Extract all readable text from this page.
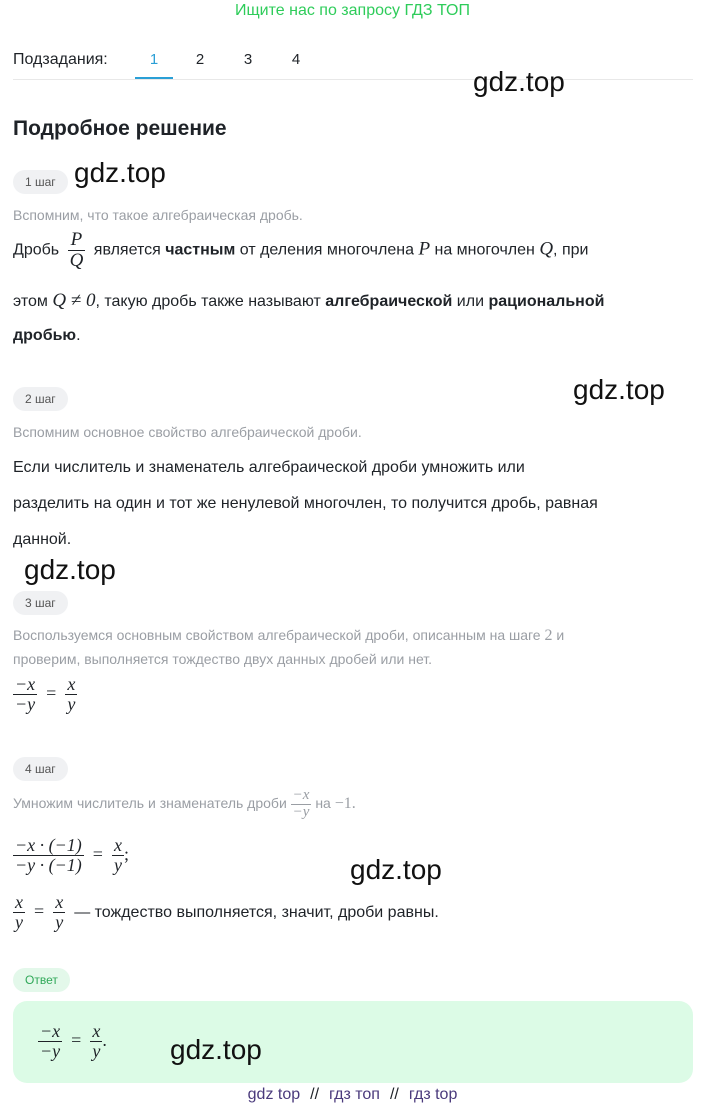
Ищите нас по запросу ГДЗ ТОП
Подзадания:	1	2	3	4
gdz.top
gdz.top
gdz.top
gdz.top
gdz.top
Подробное решение
1 шаг
Вспомним, что такое алгебраическая дробь.
Дробь $\frac{P}{Q}$ является частным от деления многочлена P на многочлен Q, при
этом Q ≠ 0, такую дробь также называют алгебраической или рациональной
дробью.
2 шаг
Вспомним основное свойство алгебраической дроби.
Если числитель и знаменатель алгебраической дроби умножить или
разделить на один и тот же ненулевой многочлен, то получится дробь, равная
данной.
3 шаг
Воспользуемся основным свойством алгебраической дроби, описанным на шаге 2 и
проверим, выполняется тождество двух данных дробей или нет.
$\frac{-x}{-y} = \frac{x}{y}$
4 шаг
Умножим числитель и знаменатель дроби $\frac{-x}{-y}$ на −1.
$\frac{-x \cdot (-1)}{-y \cdot (-1)} = \frac{x}{y}$ ;
$\frac{x}{y} = \frac{x}{y}$ — тождество выполняется, значит, дроби равны.
Ответ
$\frac{-x}{-y} = \frac{x}{y}$ . gdz.top
gdz top // гдз топ // гдз top
